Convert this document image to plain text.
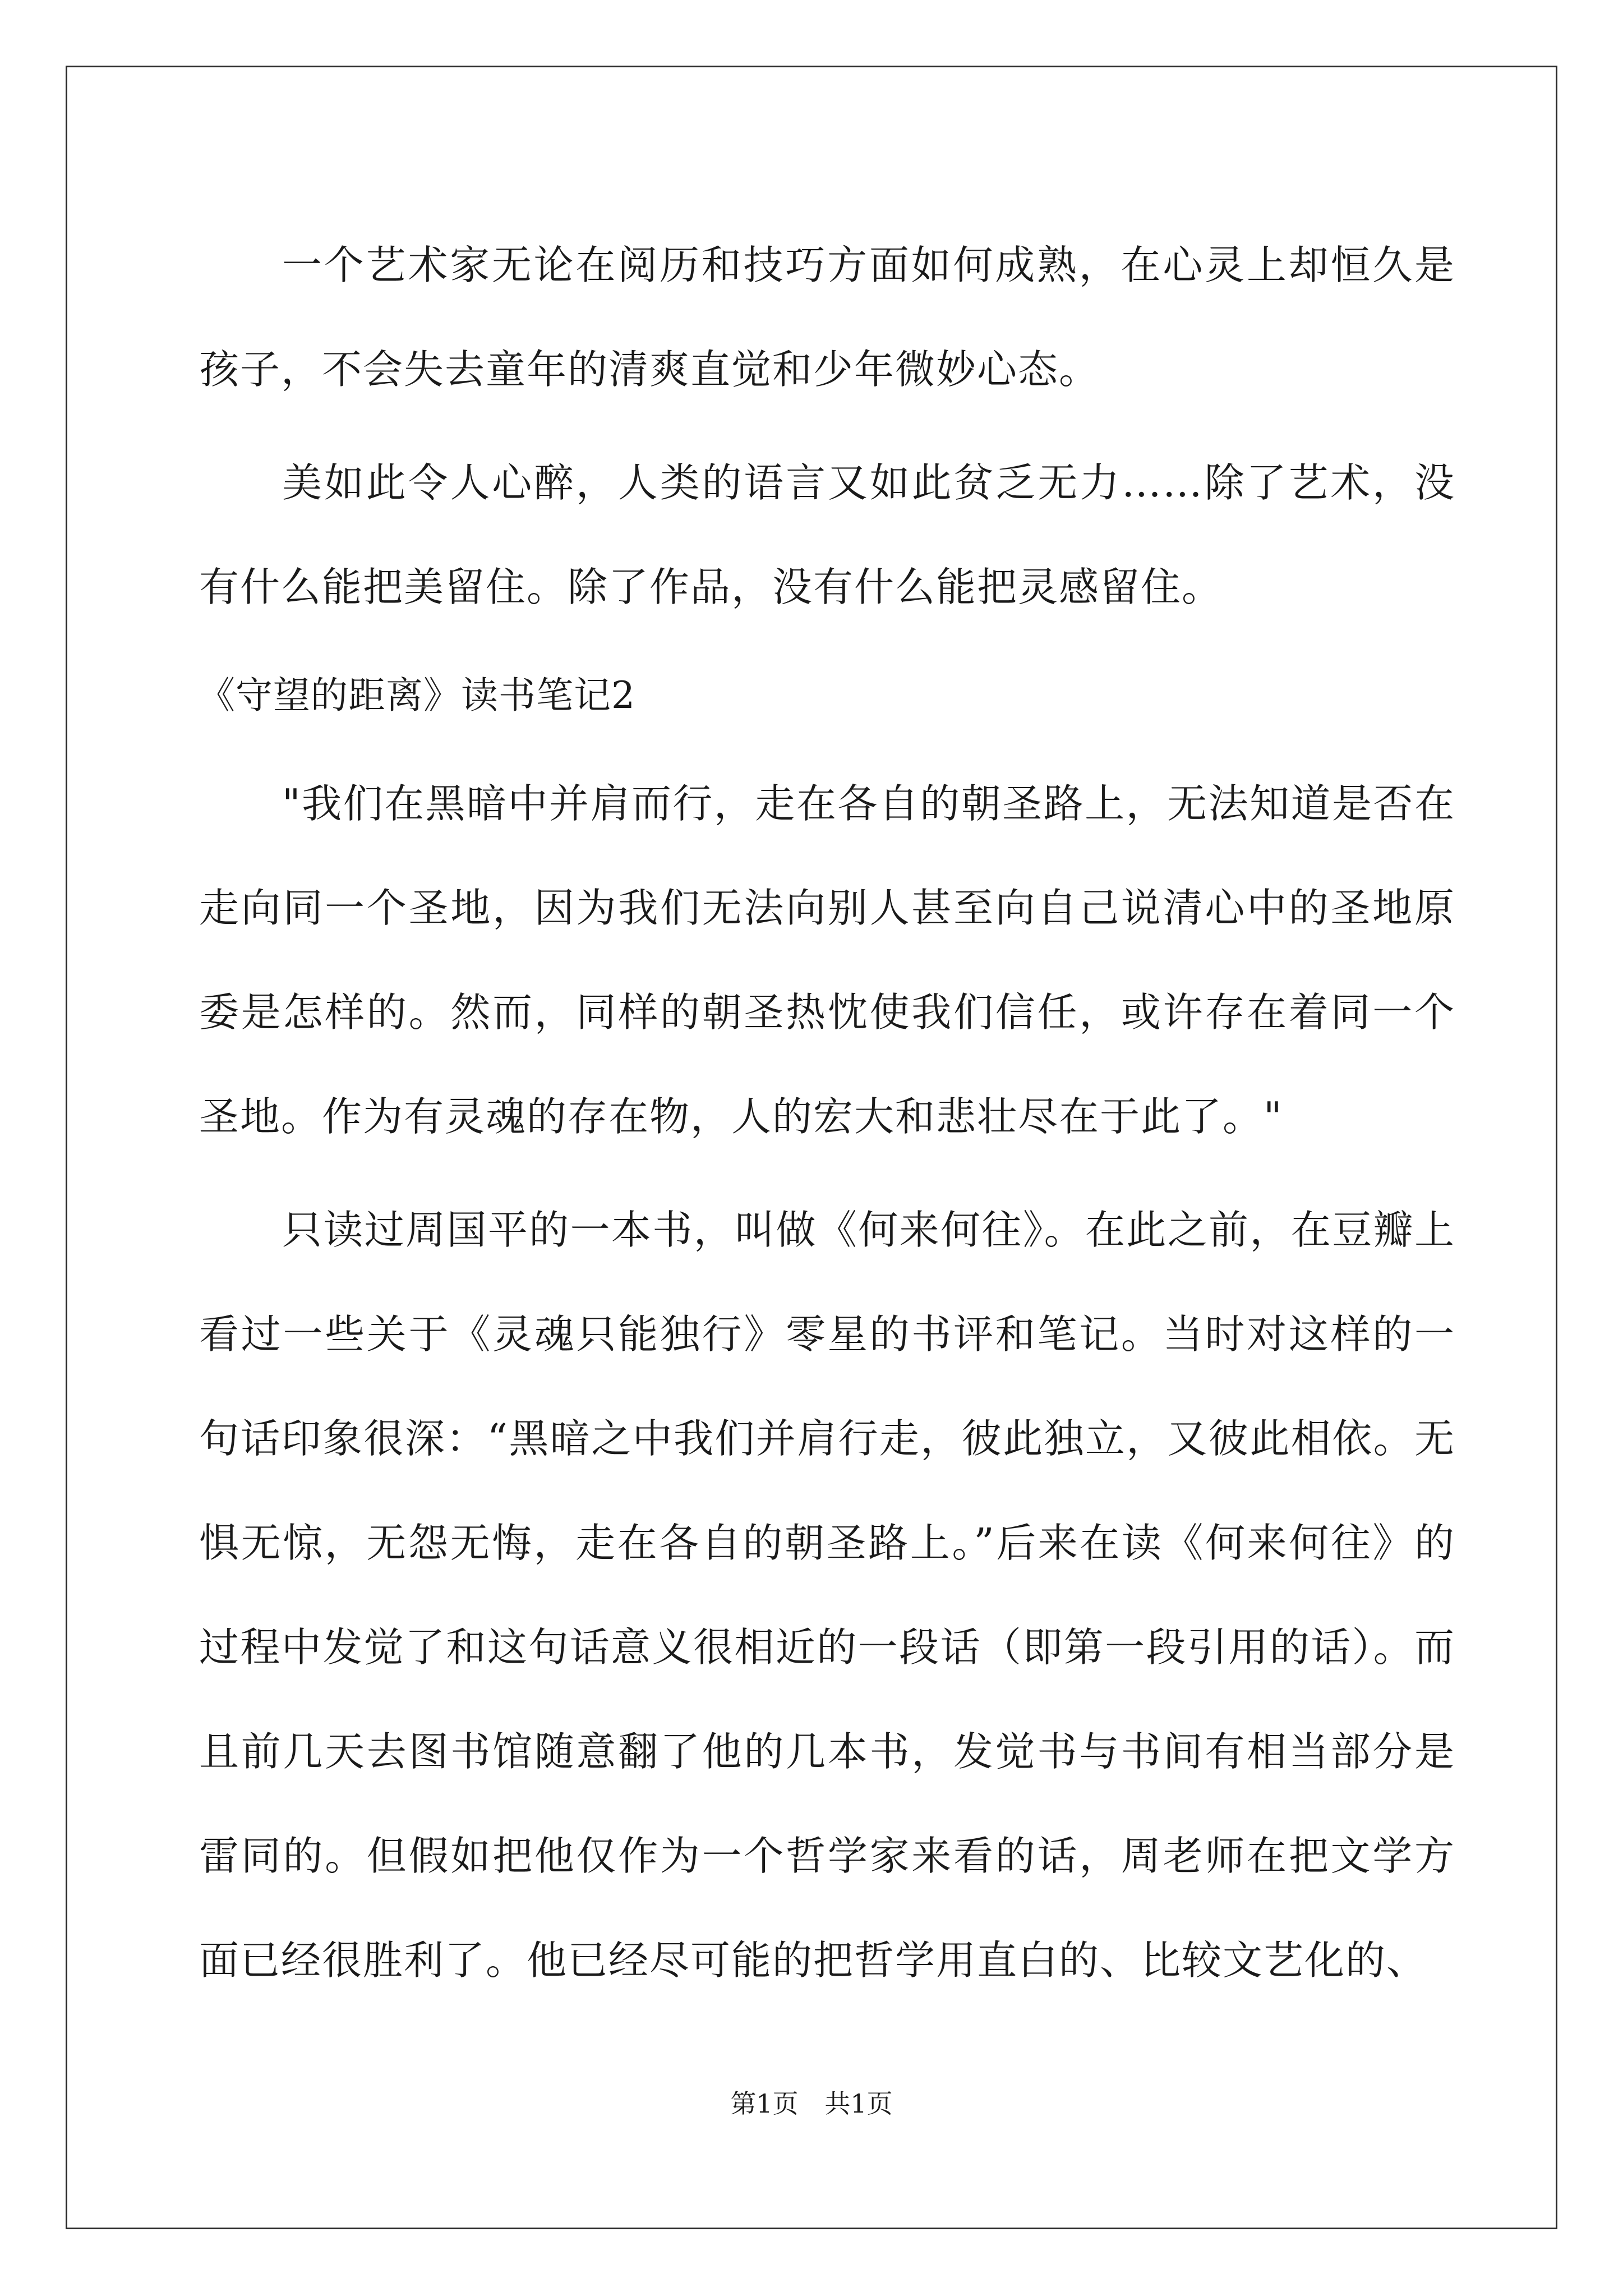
一个艺术家无论在阅历和技巧方面如何成熟，在心灵上却恒久是孩子，不会失去童年的清爽直觉和少年微妙心态。

美如此令人心醉，人类的语言又如此贫乏无力……除了艺术，没有什么能把美留住。除了作品，没有什么能把灵感留住。

《守望的距离》读书笔记2

"我们在黑暗中并肩而行，走在各自的朝圣路上，无法知道是否在走向同一个圣地，因为我们无法向别人甚至向自己说清心中的圣地原委是怎样的。然而，同样的朝圣热忱使我们信任，或许存在着同一个圣地。作为有灵魂的存在物，人的宏大和悲壮尽在于此了。"

只读过周国平的一本书，叫做《何来何往》。在此之前，在豆瓣上看过一些关于《灵魂只能独行》零星的书评和笔记。当时对这样的一句话印象很深：“黑暗之中我们并肩行走，彼此独立，又彼此相依。无惧无惊，无怨无悔，走在各自的朝圣路上。”后来在读《何来何往》的过程中发觉了和这句话意义很相近的一段话（即第一段引用的话）。而且前几天去图书馆随意翻了他的几本书，发觉书与书间有相当部分是雷同的。但假如把他仅作为一个哲学家来看的话，周老师在把文学方面已经很胜利了。他已经尽可能的把哲学用直白的、比较文艺化的、

第1页 共1页
